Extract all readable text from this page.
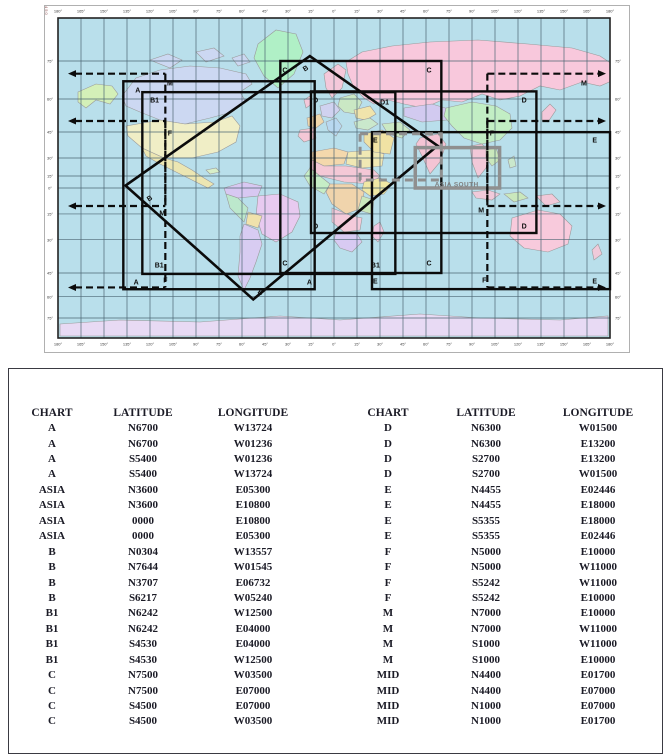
450 180°	165°	150°	135°	120°	105°	90°	75°	60°	45°	30°	15°	0°	15°	30°	45°	60°	75°	90°	105°	120°	135°	150°	165°	180°
180°	165°	150°	135°	120°	105°	90°	75°	60°	45°	30°	15°	0°	15°	30°	45°	60°	75°	90°	105°	120°	135°	150°	165°	180°
75°
60°
45°
30°
15°
0°
15°
30°
45°
60°
75°
75°
60°
45°
30°
15°
0°
15°
30°
45°
60°
75°
A
A	A
B
B
B
B1
B1	B1
C	C
C	C
D	D
D	D
D1
E	E
E	E
ASIA SOUTH
M	M
M	M
F	F
F	F
CHART	LATITUDE	LONGITUDE
A	N6700	W13724
A	N6700	W01236
A	S5400	W01236
A	S5400	W13724
ASIA	N3600	E05300
ASIA	N3600	E10800
ASIA	0000	E10800
ASIA	0000	E05300
B	N0304	W13557
B	N7644	W01545
B	N3707	E06732
B	S6217	W05240
B1	N6242	W12500
B1	N6242	E04000
B1	S4530	E04000
B1	S4530	W12500
C	N7500	W03500
C	N7500	E07000
C	S4500	E07000
C	S4500	W03500
CHART	LATITUDE	LONGITUDE
D	N6300	W01500
D	N6300	E13200
D	S2700	E13200
D	S2700	W01500
E	N4455	E02446
E	N4455	E18000
E	S5355	E18000
E	S5355	E02446
F	N5000	E10000
F	N5000	W11000
F	S5242	W11000
F	S5242	E10000
M	N7000	E10000
M	N7000	W11000
M	S1000	W11000
M	S1000	E10000
MID	N4400	E01700
MID	N4400	E07000
MID	N1000	E07000
MID	N1000	E01700
